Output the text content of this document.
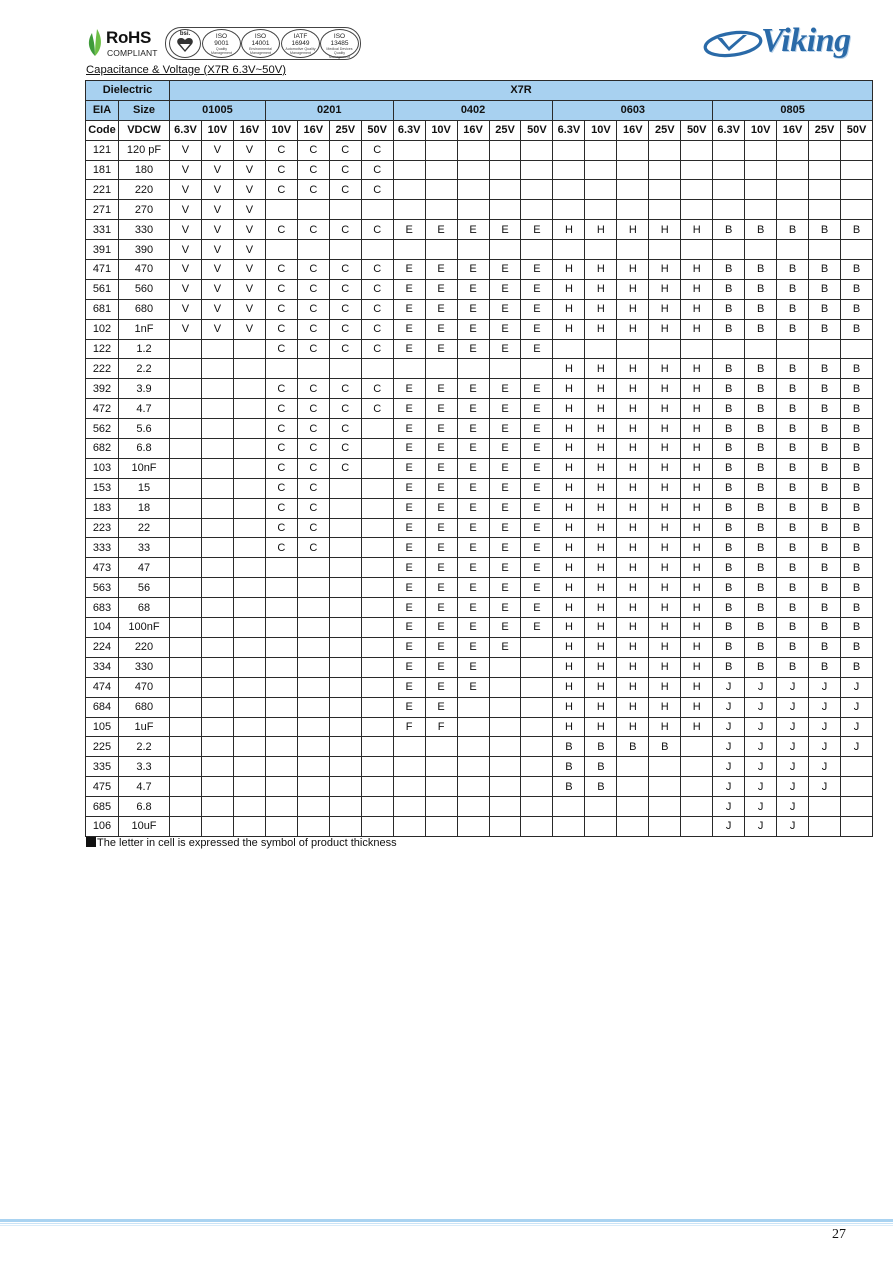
RoHS
COMPLIANT
bsi.	ISO
9001
Quality Management
ISO
14001
Environmental Management
IATF
16949
Automotive Quality Management
ISO
13485
Medical Devices Quality Management	Viking
Capacitance & Voltage (X7R 6.3V~50V)
Dielectric		X7R																					
EIA	Size	01005			0201				0402					0603					0805				
Code	VDCW	6.3V	10V	16V	10V	16V	25V	50V	6.3V	10V	16V	25V	50V	6.3V	10V	16V	25V	50V	6.3V	10V	16V	25V	50V
121	120 pF	V	V	V	C	C	C	C															
181	180	V	V	V	C	C	C	C															
221	220	V	V	V	C	C	C	C															
271	270	V	V	V																			
331	330	V	V	V	C	C	C	C	E	E	E	E	E	H	H	H	H	H	B	B	B	B	B
391	390	V	V	V																			
471	470	V	V	V	C	C	C	C	E	E	E	E	E	H	H	H	H	H	B	B	B	B	B
561	560	V	V	V	C	C	C	C	E	E	E	E	E	H	H	H	H	H	B	B	B	B	B
681	680	V	V	V	C	C	C	C	E	E	E	E	E	H	H	H	H	H	B	B	B	B	B
102	1nF	V	V	V	C	C	C	C	E	E	E	E	E	H	H	H	H	H	B	B	B	B	B
122	1.2				C	C	C	C	E	E	E	E	E										
222	2.2													H	H	H	H	H	B	B	B	B	B
392	3.9				C	C	C	C	E	E	E	E	E	H	H	H	H	H	B	B	B	B	B
472	4.7				C	C	C	C	E	E	E	E	E	H	H	H	H	H	B	B	B	B	B
562	5.6				C	C	C		E	E	E	E	E	H	H	H	H	H	B	B	B	B	B
682	6.8				C	C	C		E	E	E	E	E	H	H	H	H	H	B	B	B	B	B
103	10nF				C	C	C		E	E	E	E	E	H	H	H	H	H	B	B	B	B	B
153	15				C	C			E	E	E	E	E	H	H	H	H	H	B	B	B	B	B
183	18				C	C			E	E	E	E	E	H	H	H	H	H	B	B	B	B	B
223	22				C	C			E	E	E	E	E	H	H	H	H	H	B	B	B	B	B
333	33				C	C			E	E	E	E	E	H	H	H	H	H	B	B	B	B	B
473	47								E	E	E	E	E	H	H	H	H	H	B	B	B	B	B
563	56								E	E	E	E	E	H	H	H	H	H	B	B	B	B	B
683	68								E	E	E	E	E	H	H	H	H	H	B	B	B	B	B
104	100nF								E	E	E	E	E	H	H	H	H	H	B	B	B	B	B
224	220								E	E	E	E		H	H	H	H	H	B	B	B	B	B
334	330								E	E	E			H	H	H	H	H	B	B	B	B	B
474	470								E	E	E			H	H	H	H	H	J	J	J	J	J
684	680								E	E				H	H	H	H	H	J	J	J	J	J
105	1uF								F	F				H	H	H	H	H	J	J	J	J	J
225	2.2													B	B	B	B		J	J	J	J	J
335	3.3													B	B				J	J	J	J	
475	4.7													B	B				J	J	J	J	
685	6.8																		J	J	J		
106	10uF																		J	J	J		
The letter in cell is expressed the symbol of product thickness
27
